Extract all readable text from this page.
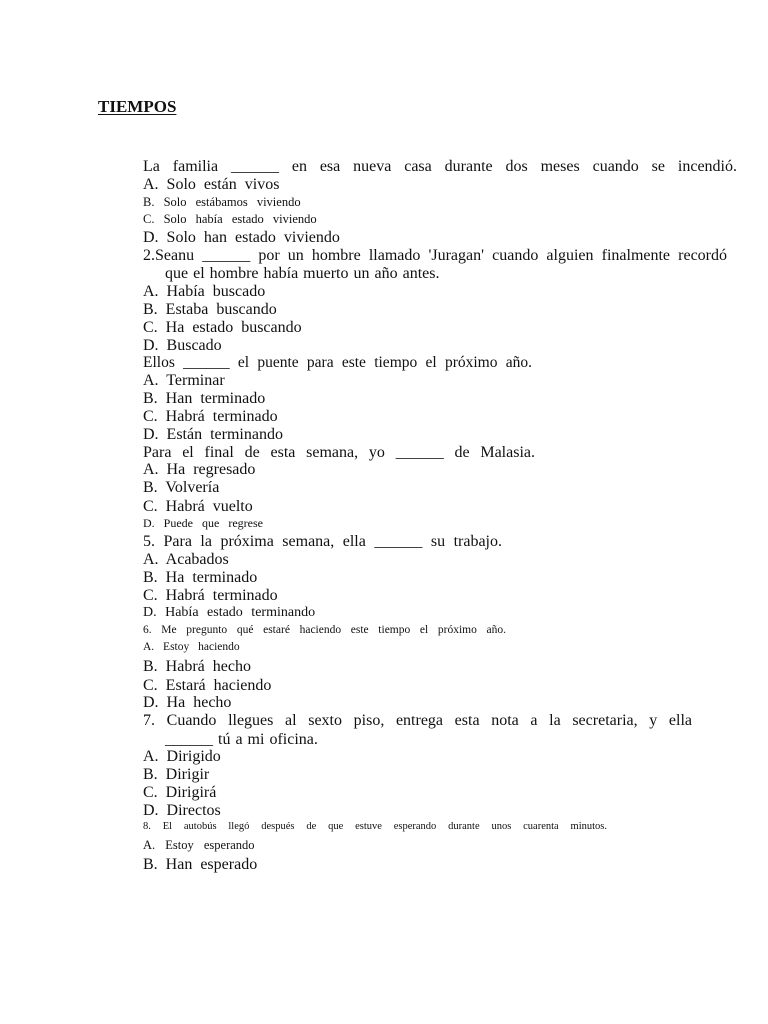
TIEMPOS
La familia ______ en esa nueva casa durante dos meses cuando se incendió.
A. Solo están vivos
B. Solo estábamos viviendo
C. Solo había estado viviendo
D. Solo han estado viviendo
2.Seanu ______ por un hombre llamado 'Juragan' cuando alguien finalmente recordó
que el hombre había muerto un año antes.
A. Había buscado
B. Estaba buscando
C. Ha estado buscando
D. Buscado
Ellos ______ el puente para este tiempo el próximo año.
A. Terminar
B. Han terminado
C. Habrá terminado
D. Están terminando
Para el final de esta semana, yo ______ de Malasia.
A. Ha regresado
B. Volvería
C. Habrá vuelto
D. Puede que regrese
5. Para la próxima semana, ella ______ su trabajo.
A. Acabados
B. Ha terminado
C. Habrá terminado
D. Había estado terminando
6. Me pregunto qué estaré haciendo este tiempo el próximo año.
A. Estoy haciendo
B. Habrá hecho
C. Estará haciendo
D. Ha hecho
7. Cuando llegues al sexto piso, entrega esta nota a la secretaria, y ella
______ tú a mi oficina.
A. Dirigido
B. Dirigir
C. Dirigirá
D. Directos
8. El autobús llegó después de que estuve esperando durante unos cuarenta minutos.
A. Estoy esperando
B. Han esperado
